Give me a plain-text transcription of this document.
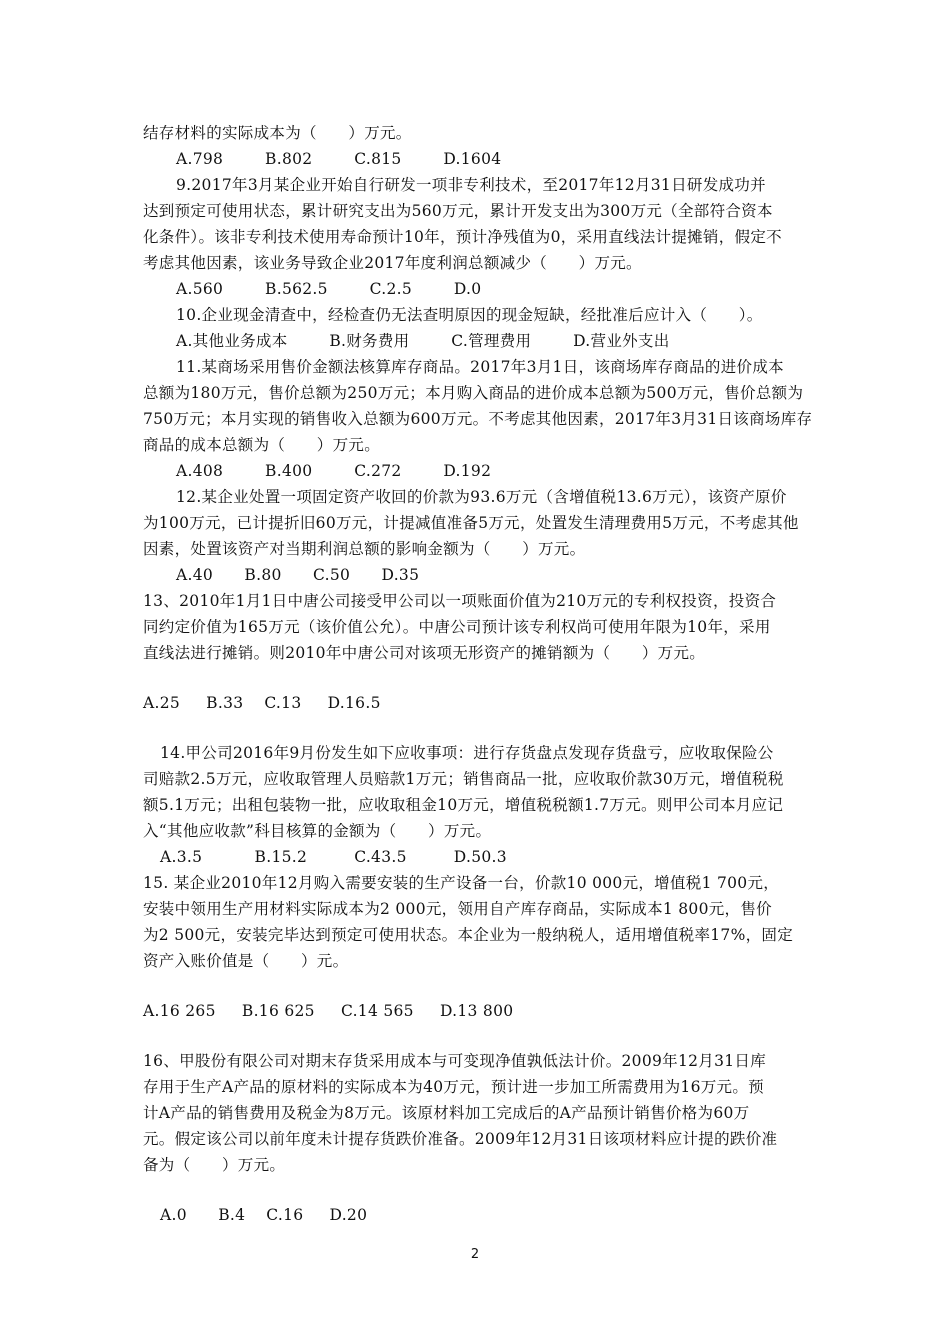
结存材料的实际成本为（　　）万元。
A.798        B.802        C.815        D.1604
9.2017年3月某企业开始自行研发一项非专利技术，至2017年12月31日研发成功并
达到预定可使用状态，累计研究支出为560万元，累计开发支出为300万元（全部符合资本
化条件）。该非专利技术使用寿命预计10年，预计净残值为0，采用直线法计提摊销，假定不
考虑其他因素，该业务导致企业2017年度利润总额减少（　　）万元。
A.560        B.562.5        C.2.5        D.0
10.企业现金清查中，经检查仍无法查明原因的现金短缺，经批准后应计入（　　）。
A.其他业务成本        B.财务费用        C.管理费用        D.营业外支出
11.某商场采用售价金额法核算库存商品。2017年3月1日，该商场库存商品的进价成本
总额为180万元，售价总额为250万元；本月购入商品的进价成本总额为500万元，售价总额为
750万元；本月实现的销售收入总额为600万元。不考虑其他因素，2017年3月31日该商场库存
商品的成本总额为（　　）万元。
A.408        B.400        C.272        D.192
12.某企业处置一项固定资产收回的价款为93.6万元（含增值税13.6万元），该资产原价
为100万元，已计提折旧60万元，计提减值准备5万元，处置发生清理费用5万元，不考虑其他
因素，处置该资产对当期利润总额的影响金额为（　　）万元。
A.40      B.80      C.50      D.35
13、2010年1月1日中唐公司接受甲公司以一项账面价值为210万元的专利权投资，投资合
同约定价值为165万元（该价值公允）。中唐公司预计该专利权尚可使用年限为10年，采用
直线法进行摊销。则2010年中唐公司对该项无形资产的摊销额为（　　）万元。
A.25     B.33    C.13     D.16.5
14.甲公司2016年9月份发生如下应收事项：进行存货盘点发现存货盘亏，应收取保险公
司赔款2.5万元，应收取管理人员赔款1万元；销售商品一批，应收取价款30万元，增值税税
额5.1万元；出租包装物一批，应收取租金10万元，增值税税额1.7万元。则甲公司本月应记
入“其他应收款”科目核算的金额为（　　）万元。
A.3.5          B.15.2         C.43.5         D.50.3
15. 某企业2010年12月购入需要安装的生产设备一台，价款10 000元，增值税1 700元，
安装中领用生产用材料实际成本为2 000元，领用自产库存商品，实际成本1 800元，售价
为2 500元，安装完毕达到预定可使用状态。本企业为一般纳税人，适用增值税率17%，固定
资产入账价值是（　　）元。
A.16 265     B.16 625     C.14 565     D.13 800
16、甲股份有限公司对期末存货采用成本与可变现净值孰低法计价。2009年12月31日库
存用于生产A产品的原材料的实际成本为40万元，预计进一步加工所需费用为16万元。预
计A产品的销售费用及税金为8万元。该原材料加工完成后的A产品预计销售价格为60万
元。假定该公司以前年度未计提存货跌价准备。2009年12月31日该项材料应计提的跌价准
备为（　　）万元。
A.0      B.4    C.16     D.20
2
